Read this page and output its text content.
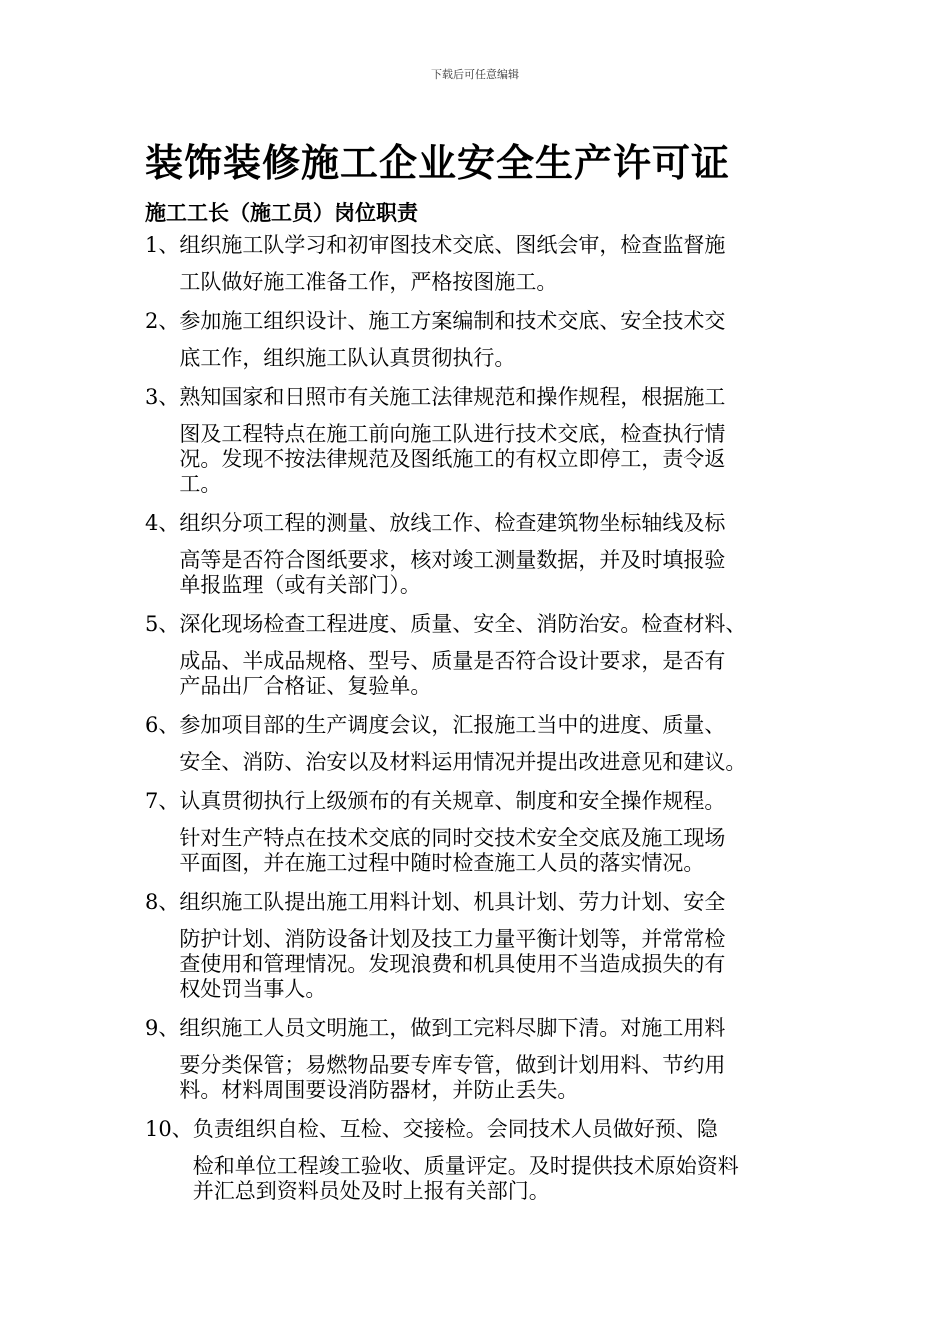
下载后可任意编辑
装饰装修施工企业安全生产许可证
施工工长（施工员）岗位职责
1、 组织施工队学习和初审图技术交底、图纸会审，检查监督施
工队做好施工准备工作，严格按图施工。
2、 参加施工组织设计、施工方案编制和技术交底、安全技术交
底工作，组织施工队认真贯彻执行。
3、 熟知国家和日照市有关施工法律规范和操作规程，根据施工
图及工程特点在施工前向施工队进行技术交底，检查执行情
况。发现不按法律规范及图纸施工的有权立即停工，责令返
工。
4、 组织分项工程的测量、放线工作、检查建筑物坐标轴线及标
高等是否符合图纸要求，核对竣工测量数据，并及时填报验
单报监理（或有关部门）。
5、 深化现场检查工程进度、质量、安全、消防治安。检查材料、
成品、半成品规格、型号、质量是否符合设计要求，是否有
产品出厂合格证、复验单。
6、 参加项目部的生产调度会议，汇报施工当中的进度、质量、
安全、消防、治安以及材料运用情况并提出改进意见和建议。
7、 认真贯彻执行上级颁布的有关规章、制度和安全操作规程。
针对生产特点在技术交底的同时交技术安全交底及施工现场
平面图，并在施工过程中随时检查施工人员的落实情况。
8、 组织施工队提出施工用料计划、机具计划、劳力计划、安全
防护计划、消防设备计划及技工力量平衡计划等，并常常检
查使用和管理情况。发现浪费和机具使用不当造成损失的有
权处罚当事人。
9、 组织施工人员文明施工，做到工完料尽脚下清。对施工用料
要分类保管；易燃物品要专库专管，做到计划用料、节约用
料。材料周围要设消防器材，并防止丢失。
10、 负责组织自检、互检、交接检。会同技术人员做好预、隐
检和单位工程竣工验收、质量评定。及时提供技术原始资料
并汇总到资料员处及时上报有关部门。
